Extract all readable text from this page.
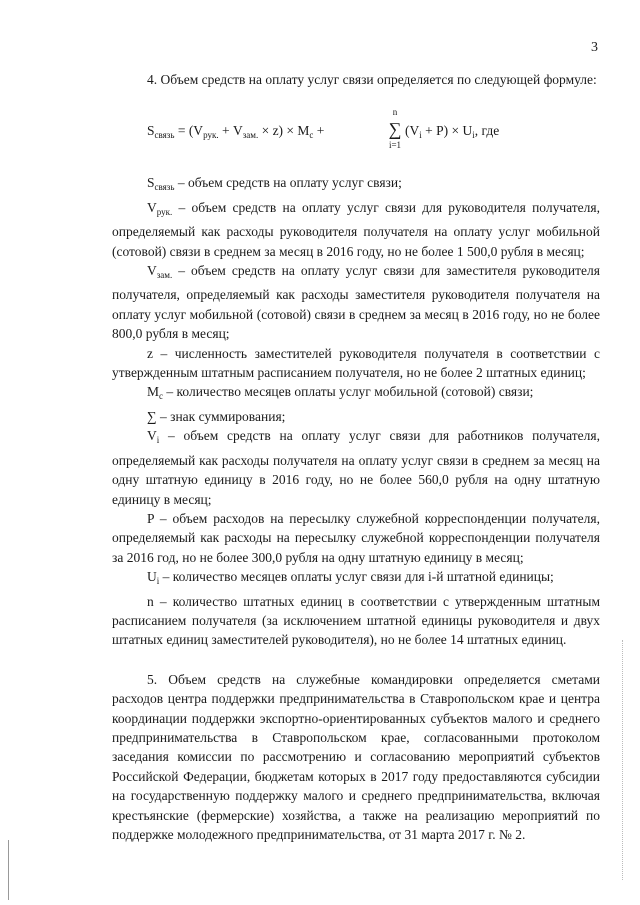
3

4. Объем средств на оплату услуг связи определяется по следующей формуле:

$S_{связь} = (V_{рук.} + V_{зам.} \times z) \times M_c$ +
n
∑
i=1
$(V_i + P) \times U_i$, где

$S_{связь}$ – объем средств на оплату услуг связи;

$V_{рук.}$ – объем средств на оплату услуг связи для руководителя получателя, определяемый как расходы руководителя получателя на оплату услуг мобильной (сотовой) связи в среднем за месяц в 2016 году, но не более 1 500,0 рубля в месяц;

$V_{зам.}$ – объем средств на оплату услуг связи для заместителя руководителя получателя, определяемый как расходы заместителя руководителя получателя на оплату услуг мобильной (сотовой) связи в среднем за месяц в 2016 году, но не более 800,0 рубля в месяц;

z – численность заместителей руководителя получателя в соответствии с утвержденным штатным расписанием получателя, но не более 2 штатных единиц;

$M_c$ – количество месяцев оплаты услуг мобильной (сотовой) связи;

∑ – знак суммирования;

$V_i$ – объем средств на оплату услуг связи для работников получателя, определяемый как расходы получателя на оплату услуг связи в среднем за месяц на одну штатную единицу в 2016 году, но не более 560,0 рубля на одну штатную единицу в месяц;

P – объем расходов на пересылку служебной корреспонденции получателя, определяемый как расходы на пересылку служебной корреспонденции получателя за 2016 год, но не более 300,0 рубля на одну штатную единицу в месяц;

$U_i$ – количество месяцев оплаты услуг связи для i-й штатной единицы;

n – количество штатных единиц в соответствии с утвержденным штатным расписанием получателя (за исключением штатной единицы руководителя и двух штатных единиц заместителей руководителя), но не более 14 штатных единиц.

5. Объем средств на служебные командировки определяется сметами расходов центра поддержки предпринимательства в Ставропольском крае и центра координации поддержки экспортно-ориентированных субъектов малого и среднего предпринимательства в Ставропольском крае, согласованными протоколом заседания комиссии по рассмотрению и согласованию мероприятий субъектов Российской Федерации, бюджетам которых в 2017 году предоставляются субсидии на государственную поддержку малого и среднего предпринимательства, включая крестьянские (фермерские) хозяйства, а также на реализацию мероприятий по поддержке молодежного предпринимательства, от 31 марта 2017 г. № 2.
